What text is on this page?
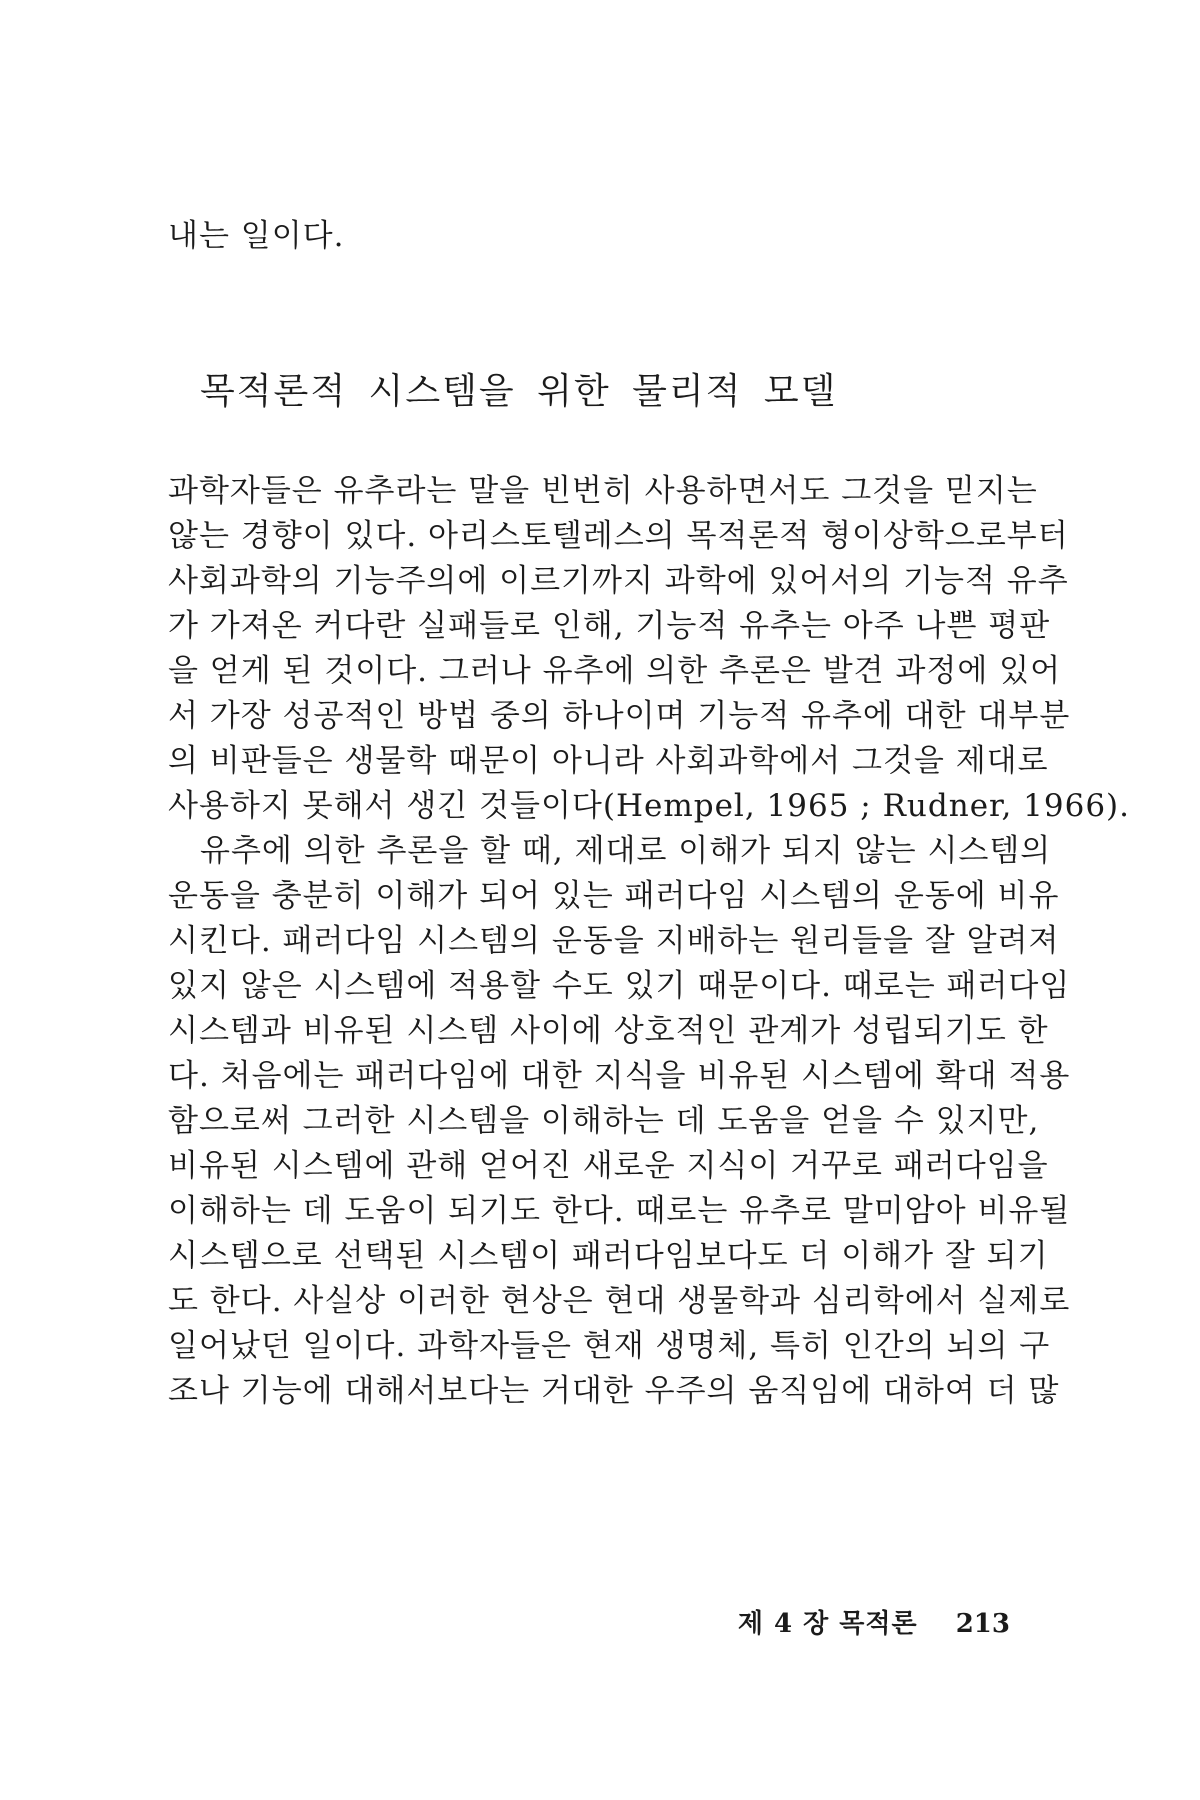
내는 일이다.
목적론적 시스템을 위한 물리적 모델
과학자들은 유추라는 말을 빈번히 사용하면서도 그것을 믿지는
않는 경향이 있다. 아리스토텔레스의 목적론적 형이상학으로부터
사회과학의 기능주의에 이르기까지 과학에 있어서의 기능적 유추
가 가져온 커다란 실패들로 인해, 기능적 유추는 아주 나쁜 평판
을 얻게 된 것이다. 그러나 유추에 의한 추론은 발견 과정에 있어
서 가장 성공적인 방법 중의 하나이며 기능적 유추에 대한 대부분
의 비판들은 생물학 때문이 아니라 사회과학에서 그것을 제대로
사용하지 못해서 생긴 것들이다(Hempel, 1965 ; Rudner, 1966).
유추에 의한 추론을 할 때, 제대로 이해가 되지 않는 시스템의
운동을 충분히 이해가 되어 있는 패러다임 시스템의 운동에 비유
시킨다. 패러다임 시스템의 운동을 지배하는 원리들을 잘 알려져
있지 않은 시스템에 적용할 수도 있기 때문이다. 때로는 패러다임
시스템과 비유된 시스템 사이에 상호적인 관계가 성립되기도 한
다. 처음에는 패러다임에 대한 지식을 비유된 시스템에 확대 적용
함으로써 그러한 시스템을 이해하는 데 도움을 얻을 수 있지만,
비유된 시스템에 관해 얻어진 새로운 지식이 거꾸로 패러다임을
이해하는 데 도움이 되기도 한다. 때로는 유추로 말미암아 비유될
시스템으로 선택된 시스템이 패러다임보다도 더 이해가 잘 되기
도 한다. 사실상 이러한 현상은 현대 생물학과 심리학에서 실제로
일어났던 일이다. 과학자들은 현재 생명체, 특히 인간의 뇌의 구
조나 기능에 대해서보다는 거대한 우주의 움직임에 대하여 더 많
제 4 장 목적론 213
